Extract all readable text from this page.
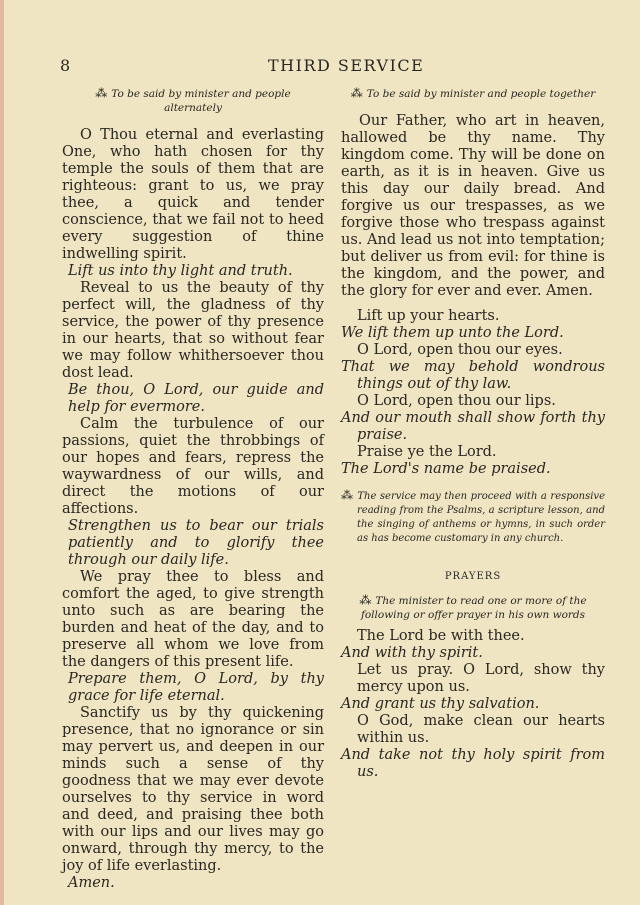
8	THIRD SERVICE
⁂ To be said by minister and people alternately

O Thou eternal and everlasting One, who hath chosen for thy temple the souls of them that are righteous: grant to us, we pray thee, a quick and tender conscience, that we fail not to heed every suggestion of thine indwelling spirit.

Lift us into thy light and truth.

Reveal to us the beauty of thy perfect will, the gladness of thy service, the power of thy presence in our hearts, that so without fear we may follow whithersoever thou dost lead.

Be thou, O Lord, our guide and help for evermore.

Calm the turbulence of our passions, quiet the throbbings of our hopes and fears, repress the waywardness of our wills, and direct the motions of our affections.

Strengthen us to bear our trials patiently and to glorify thee through our daily life.

We pray thee to bless and comfort the aged, to give strength unto such as are bearing the burden and heat of the day, and to preserve all whom we love from the dangers of this present life.

Prepare them, O Lord, by thy grace for life eternal.

Sanctify us by thy quickening presence, that no ignorance or sin may pervert us, and deepen in our minds such a sense of thy goodness that we may ever devote ourselves to thy service in word and deed, and praising thee both with our lips and our lives may go onward, through thy mercy, to the joy of life everlasting.

Amen.

⁂ To be said by minister and people together

Our Father, who art in heaven, hallowed be thy name. Thy kingdom come. Thy will be done on earth, as it is in heaven. Give us this day our daily bread. And forgive us our trespasses, as we forgive those who trespass against us. And lead us not into temptation; but deliver us from evil: for thine is the kingdom, and the power, and the glory for ever and ever. Amen.

Lift up your hearts.

We lift them up unto the Lord.

O Lord, open thou our eyes.

That we may behold wondrous things out of thy law.

O Lord, open thou our lips.

And our mouth shall show forth thy praise.

Praise ye the Lord.

The Lord's name be praised.

⁂ The service may then proceed with a responsive reading from the Psalms, a scripture lesson, and the singing of anthems or hymns, in such order as has become customary in any church.
PRAYERS
⁂ The minister to read one or more of the following or offer prayer in his own words

The Lord be with thee.

And with thy spirit.

Let us pray. O Lord, show thy mercy upon us.

And grant us thy salvation.

O God, make clean our hearts within us.

And take not thy holy spirit from us.
